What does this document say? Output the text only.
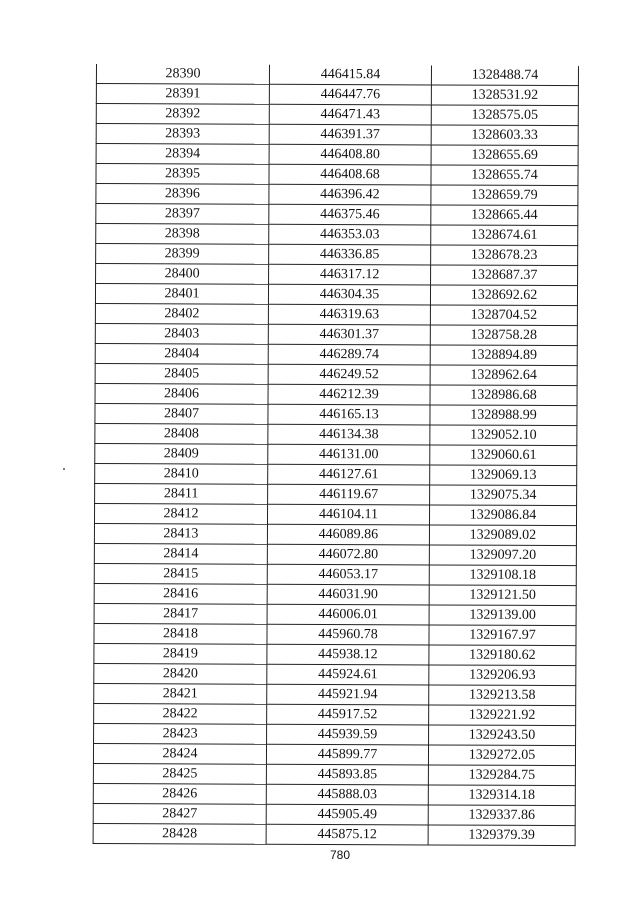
28390	446415.84	1328488.74
28391	446447.76	1328531.92
28392	446471.43	1328575.05
28393	446391.37	1328603.33
28394	446408.80	1328655.69
28395	446408.68	1328655.74
28396	446396.42	1328659.79
28397	446375.46	1328665.44
28398	446353.03	1328674.61
28399	446336.85	1328678.23
28400	446317.12	1328687.37
28401	446304.35	1328692.62
28402	446319.63	1328704.52
28403	446301.37	1328758.28
28404	446289.74	1328894.89
28405	446249.52	1328962.64
28406	446212.39	1328986.68
28407	446165.13	1328988.99
28408	446134.38	1329052.10
28409	446131.00	1329060.61
28410	446127.61	1329069.13
28411	446119.67	1329075.34
28412	446104.11	1329086.84
28413	446089.86	1329089.02
28414	446072.80	1329097.20
28415	446053.17	1329108.18
28416	446031.90	1329121.50
28417	446006.01	1329139.00
28418	445960.78	1329167.97
28419	445938.12	1329180.62
28420	445924.61	1329206.93
28421	445921.94	1329213.58
28422	445917.52	1329221.92
28423	445939.59	1329243.50
28424	445899.77	1329272.05
28425	445893.85	1329284.75
28426	445888.03	1329314.18
28427	445905.49	1329337.86
28428	445875.12	1329379.39
780
